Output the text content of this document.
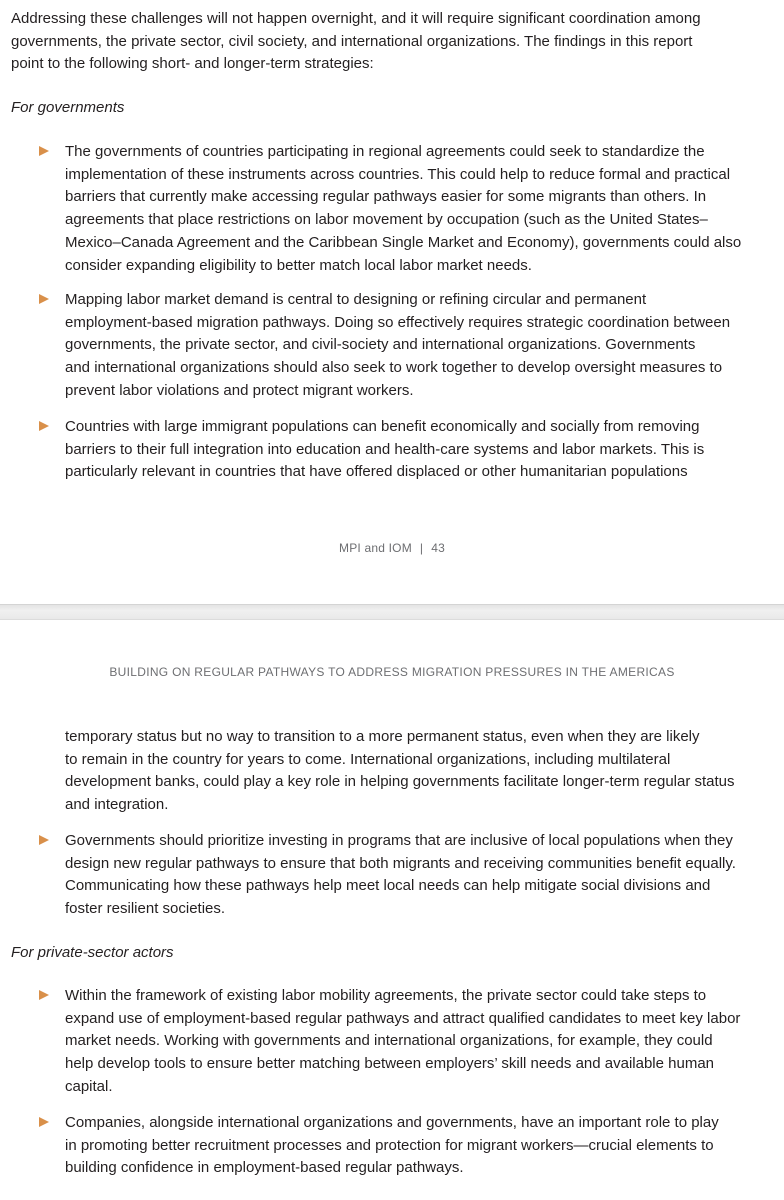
Addressing these challenges will not happen overnight, and it will require significant coordination among
governments, the private sector, civil society, and international organizations. The findings in this report
point to the following short- and longer-term strategies:

For governments

The governments of countries participating in regional agreements could seek to standardize the
implementation of these instruments across countries. This could help to reduce formal and practical
barriers that currently make accessing regular pathways easier for some migrants than others. In
agreements that place restrictions on labor movement by occupation (such as the United States–
Mexico–Canada Agreement and the Caribbean Single Market and Economy), governments could also
consider expanding eligibility to better match local labor market needs.

Mapping labor market demand is central to designing or refining circular and permanent
employment-based migration pathways. Doing so effectively requires strategic coordination between
governments, the private sector, and civil-society and international organizations. Governments
and international organizations should also seek to work together to develop oversight measures to
prevent labor violations and protect migrant workers.

Countries with large immigrant populations can benefit economically and socially from removing
barriers to their full integration into education and health-care systems and labor markets. This is
particularly relevant in countries that have offered displaced or other humanitarian populations

MPI and IOM | 43
BUILDING ON REGULAR PATHWAYS TO ADDRESS MIGRATION PRESSURES IN THE AMERICAS

temporary status but no way to transition to a more permanent status, even when they are likely
to remain in the country for years to come. International organizations, including multilateral
development banks, could play a key role in helping governments facilitate longer-term regular status
and integration.

Governments should prioritize investing in programs that are inclusive of local populations when they
design new regular pathways to ensure that both migrants and receiving communities benefit equally.
Communicating how these pathways help meet local needs can help mitigate social divisions and
foster resilient societies.

For private-sector actors

Within the framework of existing labor mobility agreements, the private sector could take steps to
expand use of employment-based regular pathways and attract qualified candidates to meet key labor
market needs. Working with governments and international organizations, for example, they could
help develop tools to ensure better matching between employers’ skill needs and available human
capital.

Companies, alongside international organizations and governments, have an important role to play
in promoting better recruitment processes and protection for migrant workers—crucial elements to
building confidence in employment-based regular pathways.
